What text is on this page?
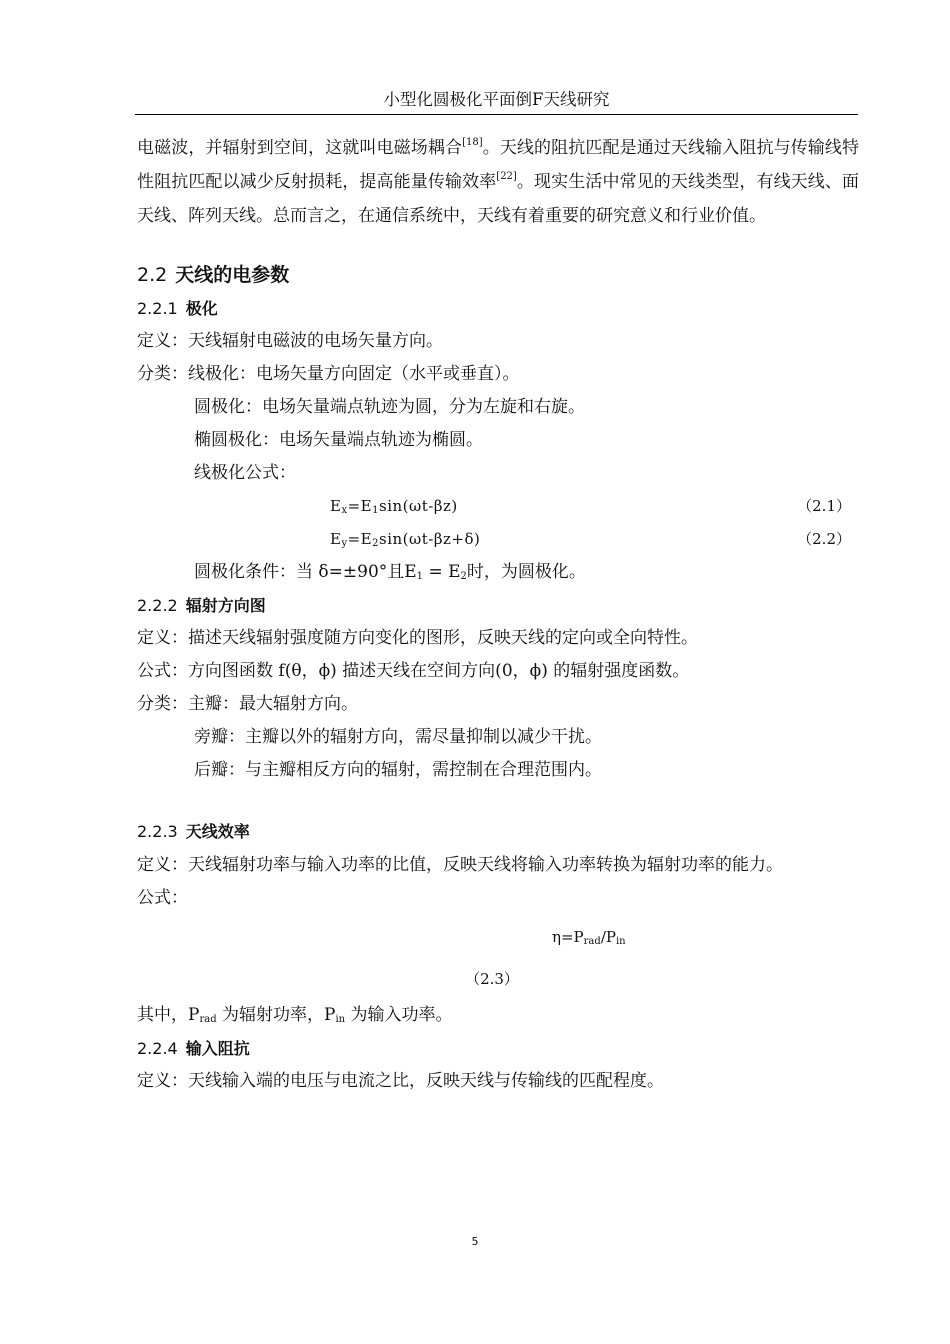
小型化圆极化平面倒F天线研究

电磁波，并辐射到空间，这就叫电磁场耦合[18]。天线的阻抗匹配是通过天线输入阻抗与传输线特性阻抗匹配以减少反射损耗，提高能量传输效率[22]。现实生活中常见的天线类型，有线天线、面天线、阵列天线。总而言之，在通信系统中，天线有着重要的研究意义和行业价值。

2.2 天线的电参数
2.2.1 极化
定义：天线辐射电磁波的电场矢量方向。
分类：线极化：电场矢量方向固定（水平或垂直）。
圆极化：电场矢量端点轨迹为圆，分为左旋和右旋。
椭圆极化：电场矢量端点轨迹为椭圆。
线极化公式：
$E_x=E_1\sin(\omega t-\beta z)$	（2.1）
$E_y=E_2\sin(\omega t-\beta z+\delta)$	（2.2）
圆极化条件：当 δ=±90°且$E_1 = E_2$时，为圆极化。
2.2.2 辐射方向图
定义：描述天线辐射强度随方向变化的图形，反映天线的定向或全向特性。
公式：方向图函数 f(θ，ϕ) 描述天线在空间方向(0，ϕ) 的辐射强度函数。
分类：主瓣：最大辐射方向。
旁瓣：主瓣以外的辐射方向，需尽量抑制以减少干扰。
后瓣：与主瓣相反方向的辐射，需控制在合理范围内。
2.2.3 天线效率

定义：天线辐射功率与输入功率的比值，反映天线将输入功率转换为辐射功率的能力。

公式：
$\eta=P_{rad}/P_{in}$
（2.3）
其中，$P_{rad}$ 为辐射功率，$P_{in}$ 为输入功率。
2.2.4 输入阻抗
定义：天线输入端的电压与电流之比，反映天线与传输线的匹配程度。
5
